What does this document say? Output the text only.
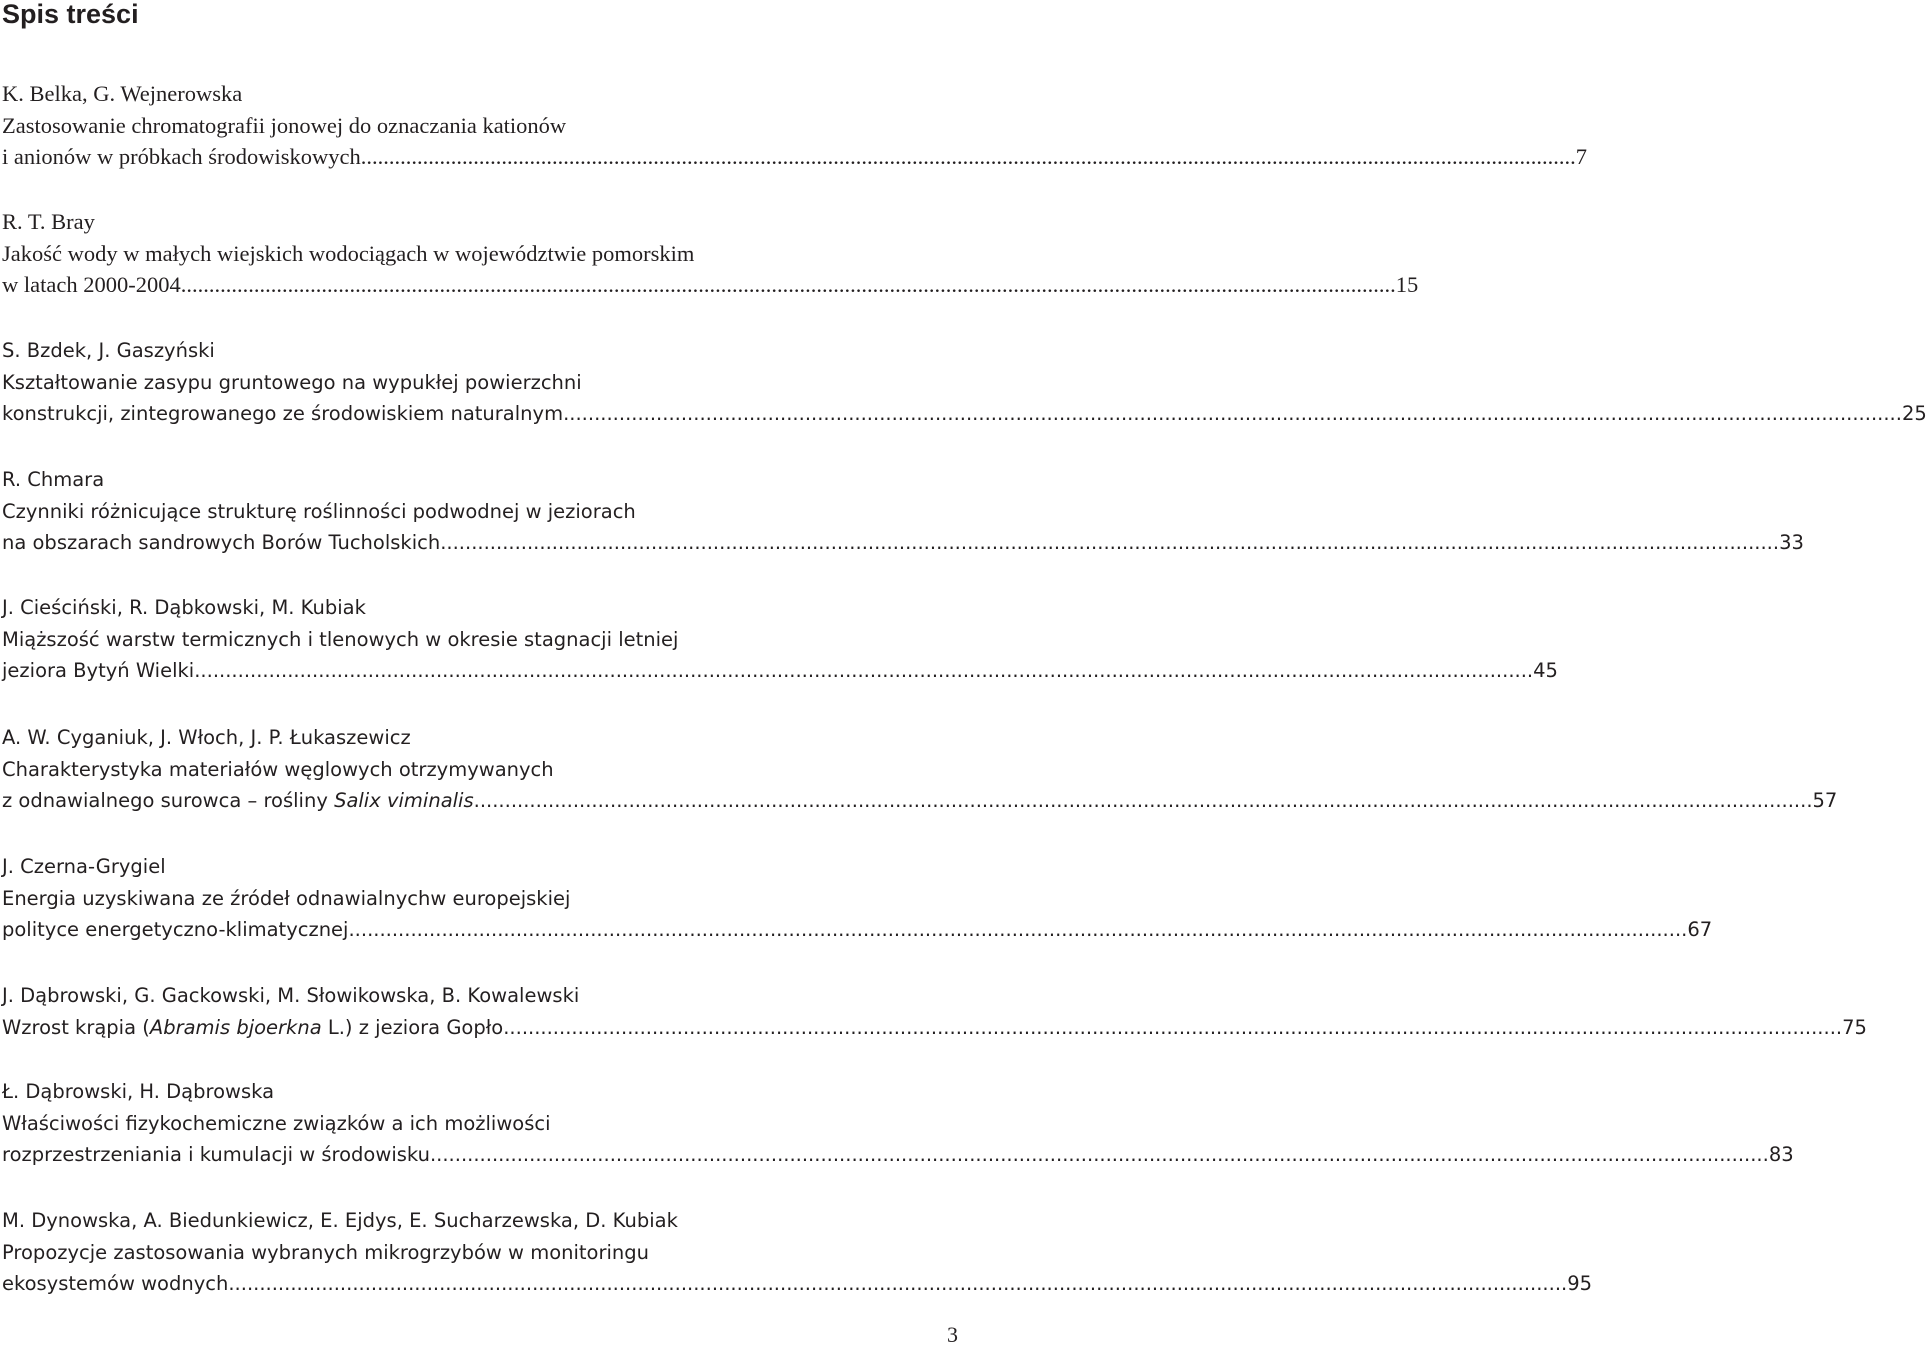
Spis treści
K. Belka, G. Wejnerowska
Zastosowanie chromatografii jonowej do oznaczania kationów
i anionów w próbkach środowiskowych ........................................................................................................................................................................................................................ 7
R. T. Bray
Jakość wody w małych wiejskich wodociągach w województwie pomorskim
w latach 2000-2004 ........................................................................................................................................................................................................................ 15
S. Bzdek, J. Gaszyński
Kształtowanie zasypu gruntowego na wypukłej powierzchni
konstrukcji, zintegrowanego ze środowiskiem naturalnym ........................................................................................................................................................................................................................ 25
R. Chmara
Czynniki różnicujące strukturę roślinności podwodnej w jeziorach
na obszarach sandrowych Borów Tucholskich ........................................................................................................................................................................................................................ 33
J. Cieściński, R. Dąbkowski, M. Kubiak
Miąższość warstw termicznych i tlenowych w okresie stagnacji letniej
jeziora Bytyń Wielki ........................................................................................................................................................................................................................ 45
A. W. Cyganiuk, J. Włoch, J. P. Łukaszewicz
Charakterystyka materiałów węglowych otrzymywanych
z odnawialnego surowca – rośliny Salix viminalis ........................................................................................................................................................................................................................ 57
J. Czerna-Grygiel
Energia uzyskiwana ze źródeł odnawialnychw europejskiej
polityce energetyczno-klimatycznej ........................................................................................................................................................................................................................ 67
J. Dąbrowski, G. Gackowski, M. Słowikowska, B. Kowalewski
Wzrost krąpia (Abramis bjoerkna L.) z jeziora Gopło ........................................................................................................................................................................................................................ 75
Ł. Dąbrowski, H. Dąbrowska
Właściwości fizykochemiczne związków a ich możliwości
rozprzestrzeniania i kumulacji w środowisku ........................................................................................................................................................................................................................ 83
M. Dynowska, A. Biedunkiewicz, E. Ejdys, E. Sucharzewska, D. Kubiak
Propozycje zastosowania wybranych mikrogrzybów w monitoringu
ekosystemów wodnych ........................................................................................................................................................................................................................ 95
3
